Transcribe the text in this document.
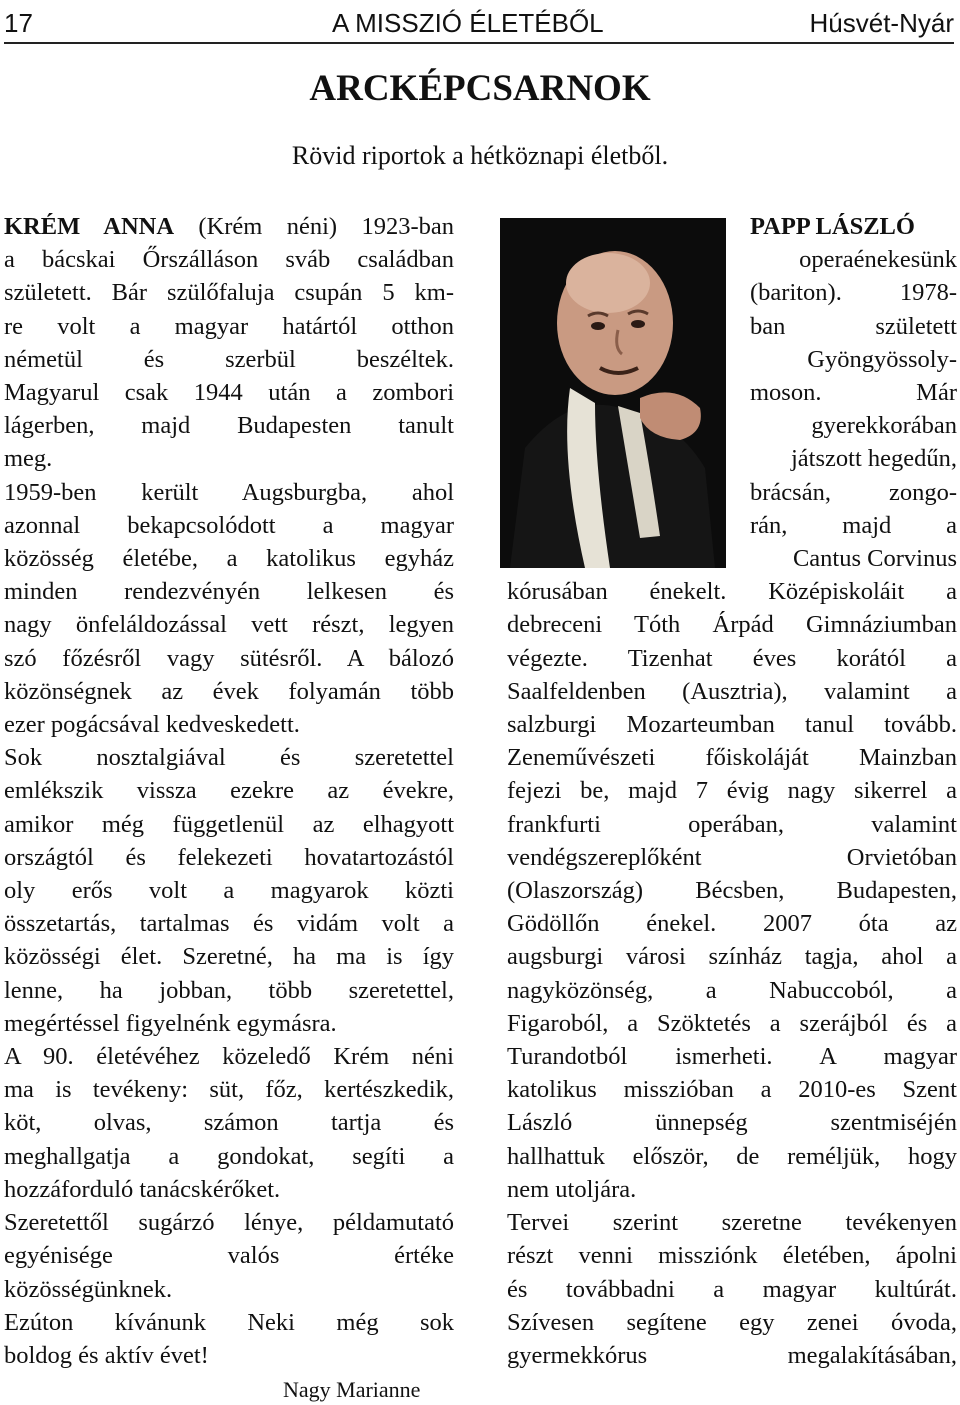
17	A MISSZIÓ ÉLETÉBŐL	Húsvét-Nyár
ARCKÉPCSARNOK
Rövid riportok a hétköznapi életből.

KRÉM ANNA (Krém néni) 1923-ban

a bácskai Őrszálláson sváb családban

született. Bár szülőfaluja csupán 5 km-

re volt a magyar határtól otthon

németül és szerbül beszéltek.

Magyarul csak 1944 után a zombori

lágerben, majd Budapesten tanult

meg.

1959-ben került Augsburgba, ahol

azonnal bekapcsolódott a magyar

közösség életébe, a katolikus egyház

minden rendezvényén lelkesen és

nagy önfeláldozással vett részt, legyen

szó főzésről vagy sütésről. A bálozó

közönségnek az évek folyamán több

ezer pogácsával kedveskedett.

Sok nosztalgiával és szeretettel

emlékszik vissza ezekre az évekre,

amikor még függetlenül az elhagyott

országtól és felekezeti hovatartozástól

oly erős volt a magyarok közti

összetartás, tartalmas és vidám volt a

közösségi élet. Szeretné, ha ma is így

lenne, ha jobban, több szeretettel,

megértéssel figyelnénk egymásra.

A 90. életévéhez közeledő Krém néni

ma is tevékeny: süt, főz, kertészkedik,

köt, olvas, számon tartja és

meghallgatja a gondokat, segíti a

hozzáforduló tanácskérőket.

Szeretettől sugárzó lénye, példamutató

egyénisége valós értéke

közösségünknek.

Ezúton kívánunk Neki még sok

boldog és aktív évet!

Nagy Marianne

PAPP LÁSZLÓ

operaénekesünk

(bariton). 1978-

ban született

Gyöngyössoly-

moson. Már

gyerekkorában

játszott hegedűn,

brácsán, zongo-

rán, majd a

Cantus Corvinus

kórusában énekelt. Középiskoláit a

debreceni Tóth Árpád Gimnáziumban

végezte. Tizenhat éves korától a

Saalfeldenben (Ausztria), valamint a

salzburgi Mozarteumban tanul tovább.

Zeneművészeti főiskoláját Mainzban

fejezi be, majd 7 évig nagy sikerrel a

frankfurti operában, valamint

vendégszereplőként Orvietóban

(Olaszország) Bécsben, Budapesten,

Gödöllőn énekel. 2007 óta az

augsburgi városi színház tagja, ahol a

nagyközönség, a Nabuccoból, a

Figaroból, a Szöktetés a szerájból és a

Turandotból ismerheti. A magyar

katolikus misszióban a 2010-es Szent

László ünnepség szentmiséjén

hallhattuk először, de reméljük, hogy

nem utoljára.

Tervei szerint szeretne tevékenyen

részt venni missziónk életében, ápolni

és továbbadni a magyar kultúrát.

Szívesen segítene egy zenei óvoda,

gyermekkórus megalakításában,
